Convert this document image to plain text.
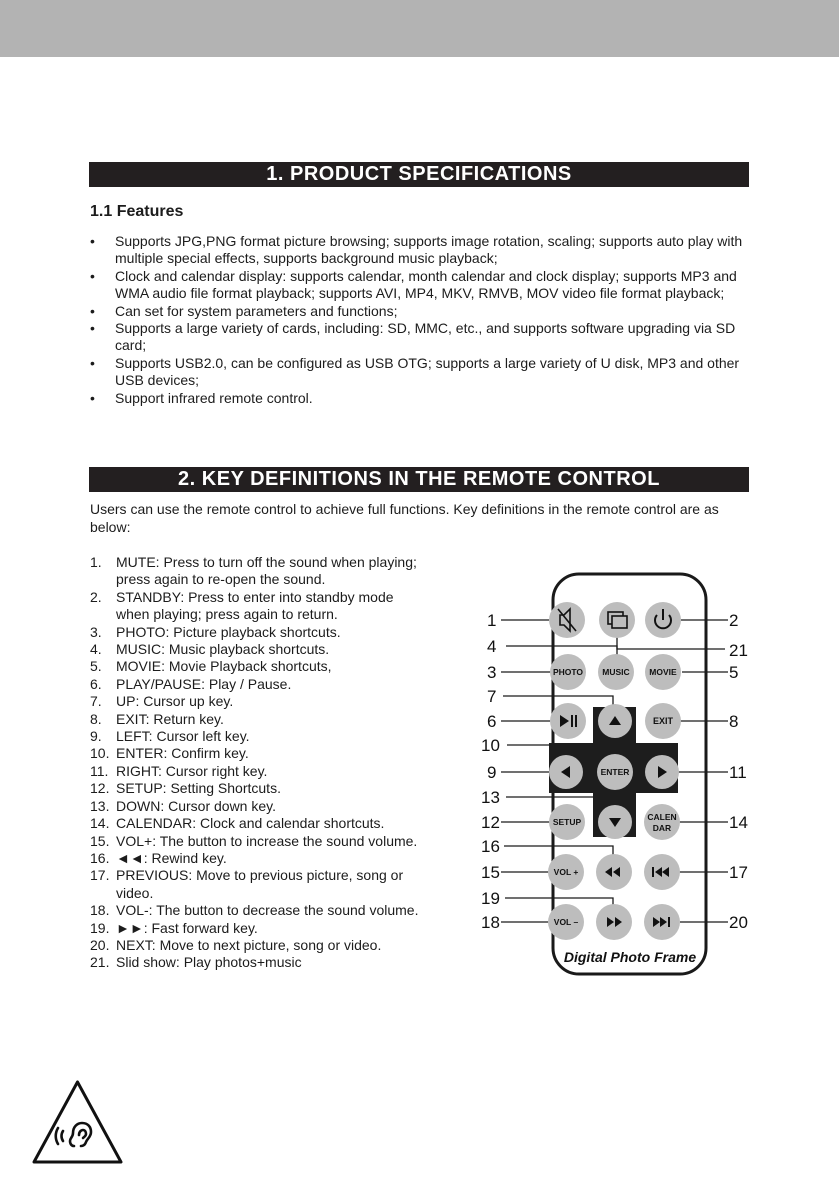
1. PRODUCT SPECIFICATIONS
1.1 Features
• Supports JPG,PNG format picture browsing; supports image rotation, scaling; supports auto play with multiple special effects, supports background music playback;
• Clock and calendar display: supports calendar, month calendar and clock display; supports MP3 and WMA audio file format playback; supports AVI, MP4, MKV, RMVB, MOV video file format playback;
• Can set for system parameters and functions;
• Supports a large variety of cards, including: SD, MMC, etc., and supports software upgrading via SD card;
• Supports USB2.0, can be configured as USB OTG; supports a large variety of U disk, MP3 and other USB devices;
• Support infrared remote control.
2. KEY DEFINITIONS IN THE REMOTE CONTROL

Users can use the remote control to achieve full functions. Key definitions in the remote control are as below:

1. MUTE: Press to turn off the sound when playing; press again to re-open the sound.
2. STANDBY: Press to enter into standby mode when playing; press again to return.
3. PHOTO: Picture playback shortcuts.
4. MUSIC: Music playback shortcuts.
5. MOVIE: Movie Playback shortcuts,
6. PLAY/PAUSE: Play / Pause.
7. UP: Cursor up key.
8. EXIT: Return key.
9. LEFT: Cursor left key.
10. ENTER: Confirm key.
11. RIGHT: Cursor right key.
12. SETUP: Setting Shortcuts.
13. DOWN: Cursor down key.
14. CALENDAR: Clock and calendar shortcuts.
15. VOL+: The button to increase the sound volume.
16. ◄◄: Rewind key.
17. PREVIOUS: Move to previous picture, song or video.
18. VOL-: The button to decrease the sound volume.
19. ►►: Fast forward key.
20. NEXT: Move to next picture, song or video.
21. Slid show: Play photos+music
PHOTO MUSIC MOVIE
EXIT
ENTER
SETUP	CALEN
DAR
VOL +
VOL –
Digital Photo Frame
1	2
21
4
3	5
7
6	8
10
9	11
13
12	14
16
15	17
19
18	20
